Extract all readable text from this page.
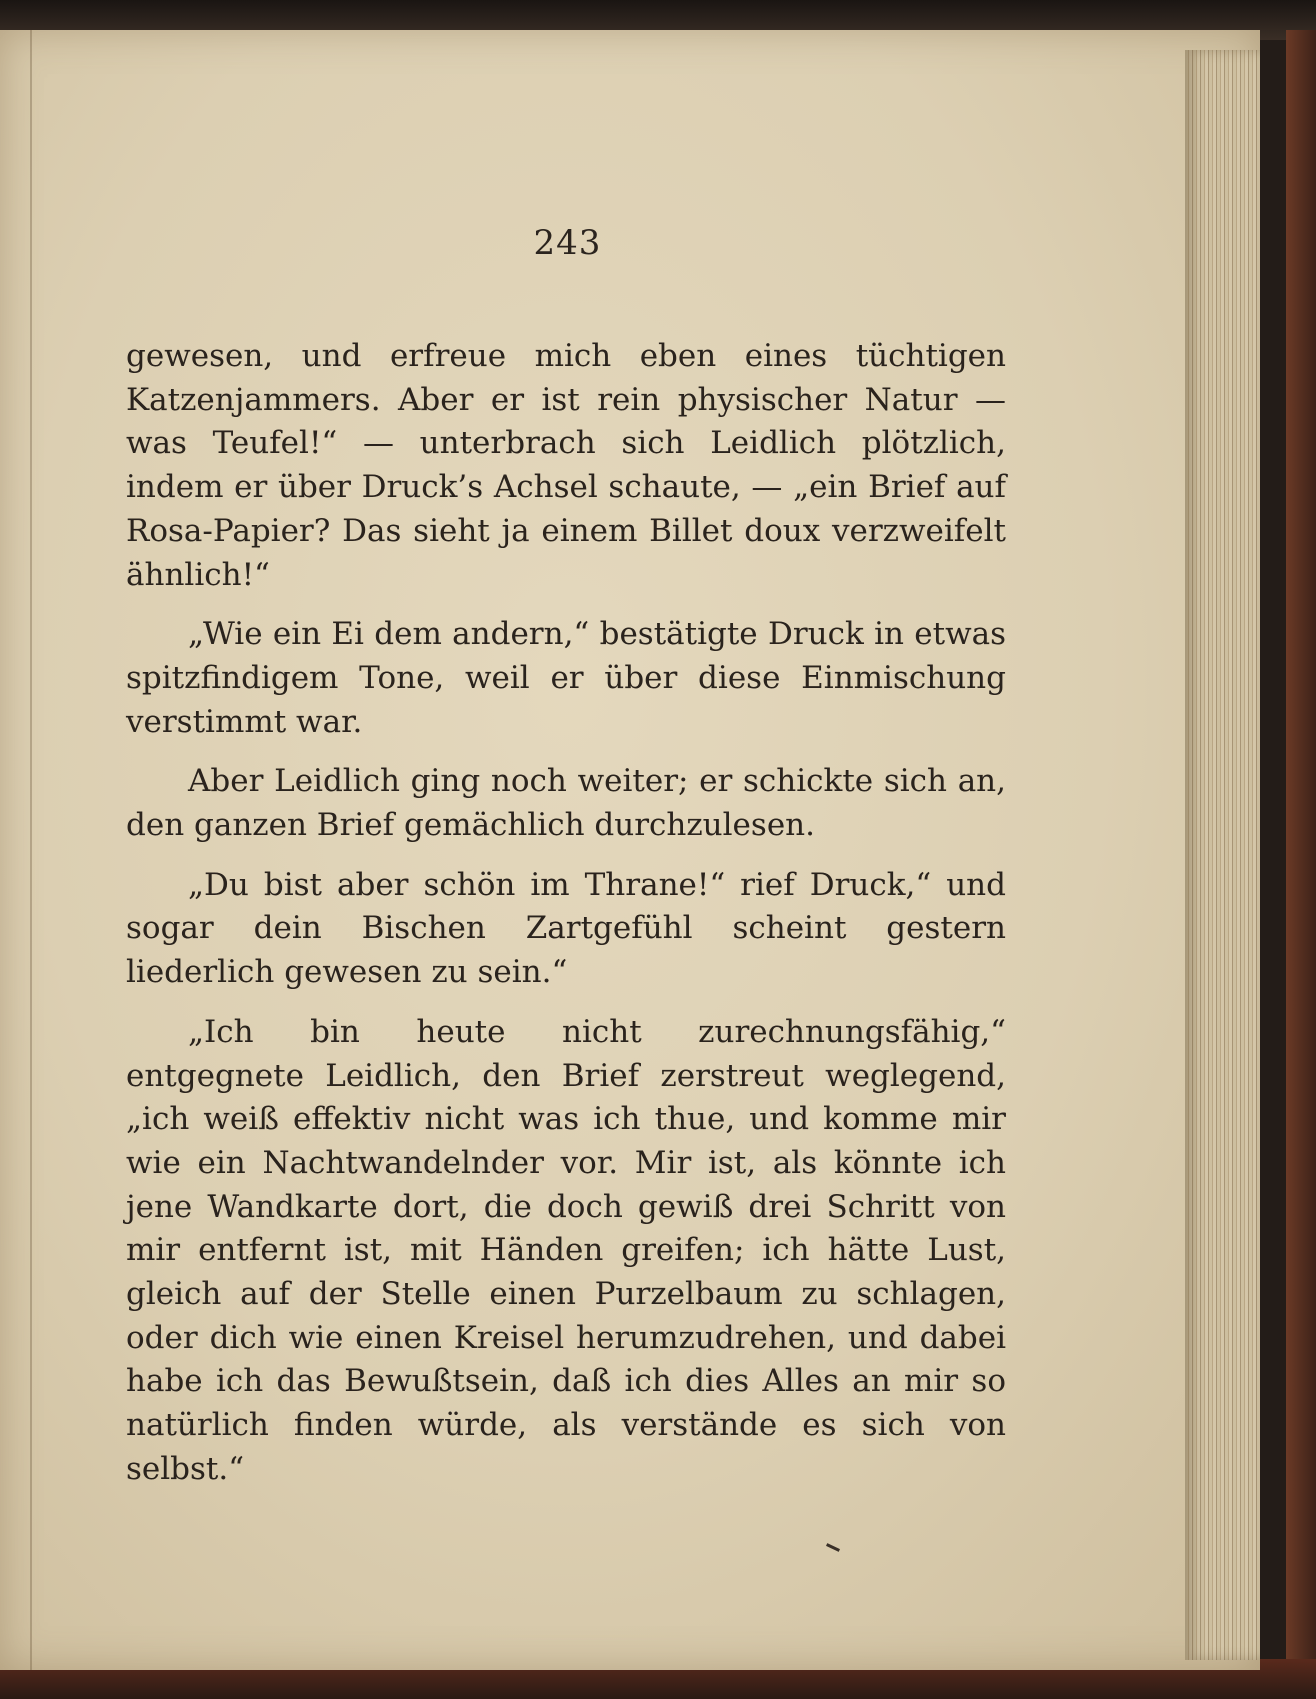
243

gewesen, und erfreue mich eben eines tüchtigen Katzenjammers. Aber er ist rein physischer Natur — was Teufel!“ — unterbrach sich Leidlich plötzlich, indem er über Druck’s Achsel schaute, — „ein Brief auf Rosa-Papier? Das sieht ja einem Billet doux verzweifelt ähnlich!“

„Wie ein Ei dem andern,“ bestätigte Druck in etwas spitzfindigem Tone, weil er über diese Einmischung verstimmt war.

Aber Leidlich ging noch weiter; er schickte sich an, den ganzen Brief gemächlich durchzulesen.

„Du bist aber schön im Thrane!“ rief Druck,“ und sogar dein Bischen Zartgefühl scheint gestern liederlich gewesen zu sein.“

„Ich bin heute nicht zurechnungsfähig,“ entgegnete Leidlich, den Brief zerstreut weglegend, „ich weiß effektiv nicht was ich thue, und komme mir wie ein Nachtwandelnder vor. Mir ist, als könnte ich jene Wandkarte dort, die doch gewiß drei Schritt von mir entfernt ist, mit Händen greifen; ich hätte Lust, gleich auf der Stelle einen Purzelbaum zu schlagen, oder dich wie einen Kreisel herumzudrehen, und dabei habe ich das Bewußtsein, daß ich dies Alles an mir so natürlich finden würde, als verstände es sich von selbst.“
